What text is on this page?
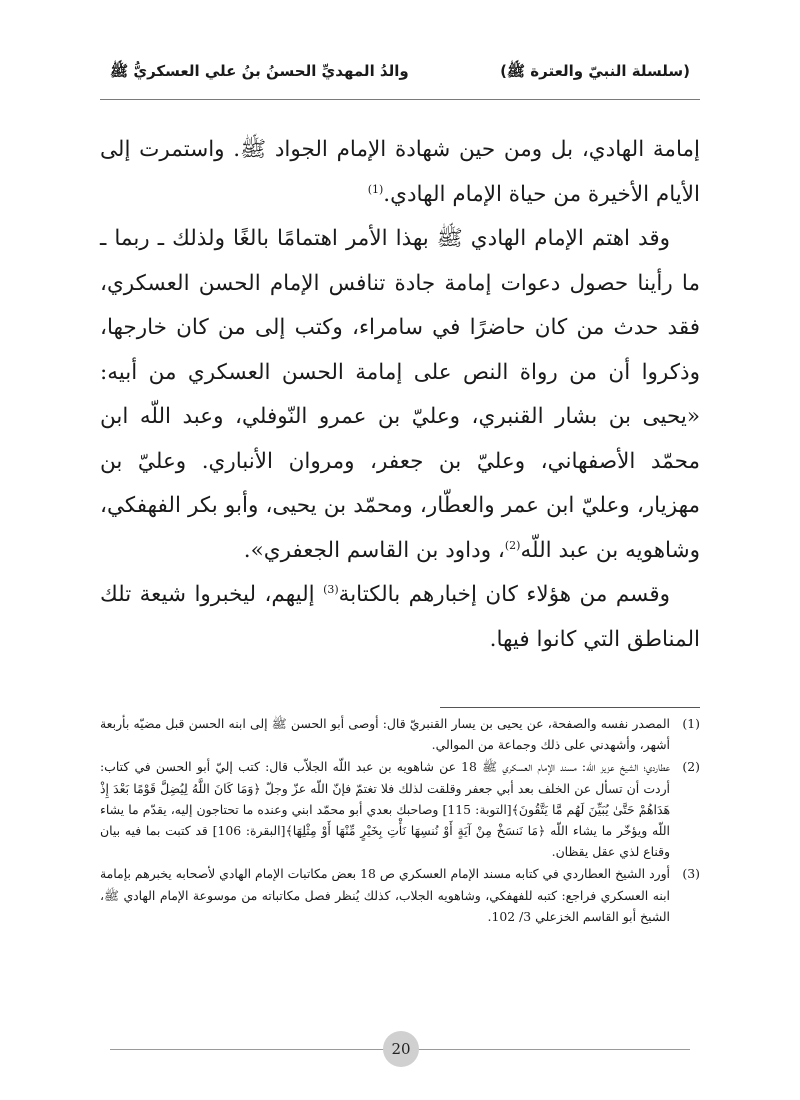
(سلسلة النبيّ والعترة ﷺ)
والدُ المهديِّ الحسنُ بنُ علي العسكريُّ ﷺ

إمامة الهادي، بل ومن حين شهادة الإمام الجواد ﷺ. واستمرت إلى الأيام الأخيرة من حياة الإمام الهادي.$^{(1)}$

وقد اهتم الإمام الهادي ﷺ بهذا الأمر اهتمامًا بالغًا ولذلك ـ ربما ـ ما رأينا حصول دعوات إمامة جادة تنافس الإمام الحسن العسكري، فقد حدث من كان حاضرًا في سامراء، وكتب إلى من كان خارجها، وذكروا أن من رواة النص على إمامة الحسن العسكري من أبيه: «يحيى بن بشار القنبري، وعليّ بن عمرو النّوفلي، وعبد اللّه ابن محمّد الأصفهاني، وعليّ بن جعفر، ومروان الأنباري. وعليّ بن مهزيار، وعليّ ابن عمر والعطّار، ومحمّد بن يحيى، وأبو بكر الفهفكي، وشاهويه بن عبد اللّه$^{(2)}$، وداود بن القاسم الجعفري».

وقسم من هؤلاء كان إخبارهم بالكتابة$^{(3)}$ إليهم، ليخبروا شيعة تلك المناطق التي كانوا فيها.

(1)
المصدر نفسه والصفحة، عن يحيى بن يسار القنبريّ قال: أوصى أبو الحسن ﷺ إلى ابنه الحسن قبل مضيّه بأربعة أشهر، وأشهدني على ذلك وجماعة من الموالي.
(2)
عطاردي؛ الشيخ عزيز الله: مسند الإمام العسكري ﷺ 18 عن شاهويه بن عبد اللّه الجلاّب قال: كتب إليّ أبو الحسن في كتاب: أردت أن تسأل عن الخلف بعد أبي جعفر وقلقت لذلك فلا تغتمّ فإنّ اللّه عزّ وجلّ ﴿وَمَا كَانَ اللَّهُ لِيُضِلَّ قَوْمًا بَعْدَ إِذْ هَدَاهُمْ حَتَّىٰ يُبَيِّنَ لَهُم مَّا يَتَّقُونَ﴾[التوبة: 115] وصاحبك بعدي أبو محمّد ابني وعنده ما تحتاجون إليه، يقدّم ما يشاء اللّه ويؤخّر ما يشاء اللّه ﴿مَا نَنسَخْ مِنْ آيَةٍ أَوْ نُنسِهَا نَأْتِ بِخَيْرٍ مِّنْهَا أَوْ مِثْلِهَا﴾[البقرة: 106] قد كتبت بما فيه بيان وقناع لذي عقل يقظان.
(3)
أورد الشيخ العطاردي في كتابه مسند الإمام العسكري ص 18 بعض مكاتبات الإمام الهادي لأصحابه يخبرهم بإمامة ابنه العسكري فراجع: كتبه للفهفكي، وشاهويه الجلاب، كذلك يُنظر فصل مكاتباته من موسوعة الإمام الهادي ﷺ، الشيخ أبو القاسم الخزعلي 3/ 102.
20
